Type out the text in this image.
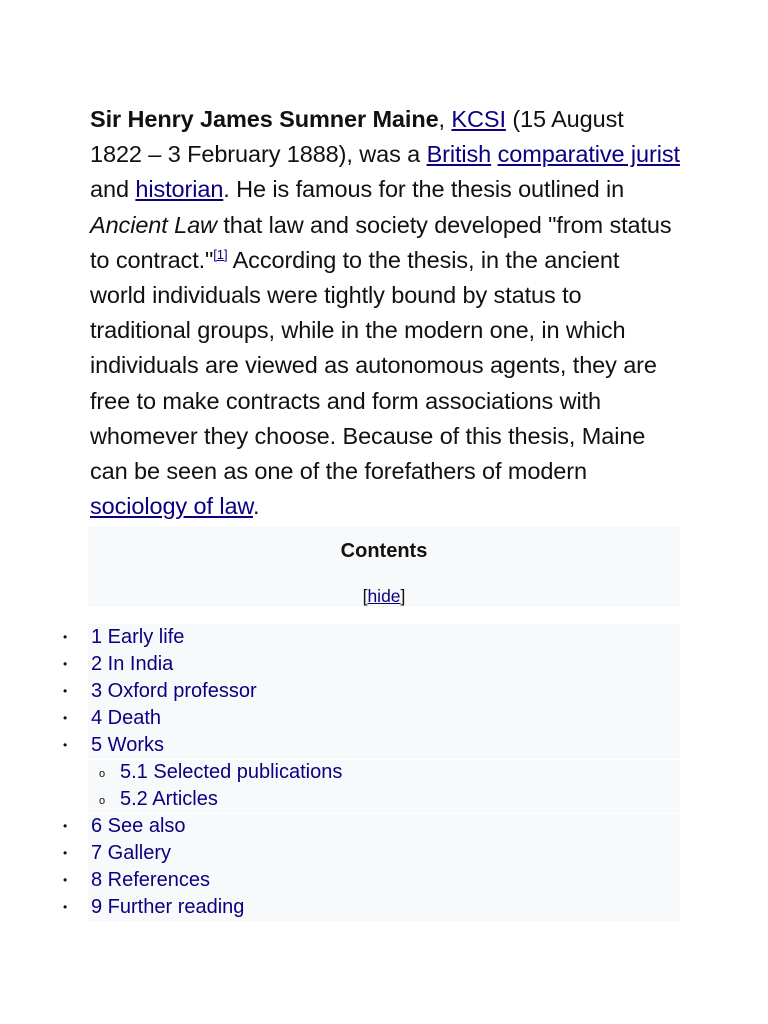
Sir Henry James Sumner Maine, KCSI (15 August 1822 – 3 February 1888), was a British comparative jurist and historian. He is famous for the thesis outlined in Ancient Law that law and society developed "from status to contract."[1] According to the thesis, in the ancient world individuals were tightly bound by status to traditional groups, while in the modern one, in which individuals are viewed as autonomous agents, they are free to make contracts and form associations with whomever they choose. Because of this thesis, Maine can be seen as one of the forefathers of modern sociology of law.
Contents
[hide]
• 1 Early life
• 2 In India
• 3 Oxford professor
• 4 Death
• 5 Works
o 5.1 Selected publications
o 5.2 Articles
• 6 See also
• 7 Gallery
• 8 References
• 9 Further reading
